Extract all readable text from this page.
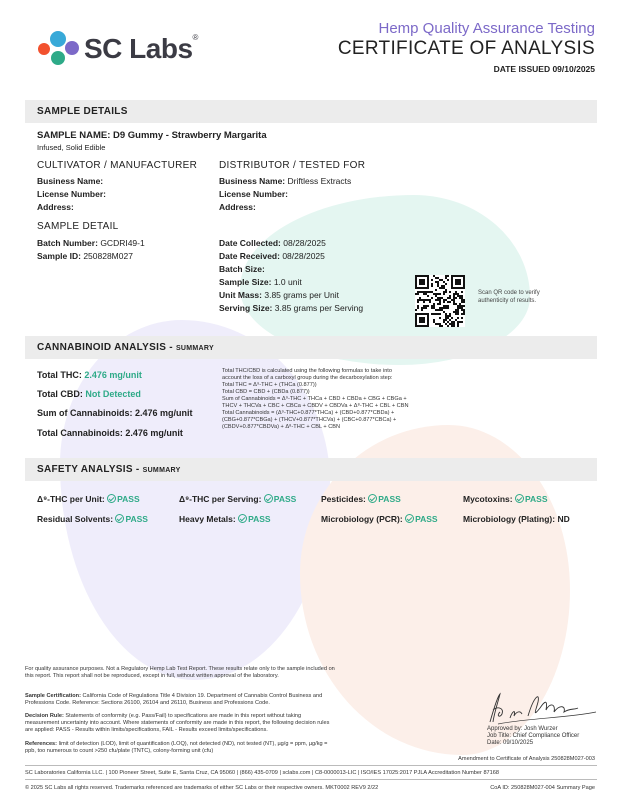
SC Labs®
Hemp Quality Assurance Testing
CERTIFICATE OF ANALYSIS
DATE ISSUED 09/10/2025
SAMPLE DETAILS
SAMPLE NAME: D9 Gummy - Strawberry Margarita
Infused, Solid Edible
CULTIVATOR / MANUFACTURER
Business Name:
License Number:
Address:
DISTRIBUTOR / TESTED FOR
Business Name: Driftless Extracts
License Number:
Address:
SAMPLE DETAIL
Batch Number: GCDRI49-1
Sample ID: 250828M027
Date Collected: 08/28/2025
Date Received: 08/28/2025
Batch Size:
Sample Size: 1.0 unit
Unit Mass: 3.85 grams per Unit
Serving Size: 3.85 grams per Serving
Scan QR code to verify authenticity of results.
CANNABINOID ANALYSIS - SUMMARY
Total THC: 2.476 mg/unit
Total CBD: Not Detected
Sum of Cannabinoids: 2.476 mg/unit
Total Cannabinoids: 2.476 mg/unit
Total THC/CBD is calculated using the following formulas to take into
account the loss of a carboxyl group during the decarboxylation step:
Total THC = Δ⁹-THC + (THCa (0.877))
Total CBD = CBD + (CBDa (0.877))
Sum of Cannabinoids = Δ⁹-THC + THCa + CBD + CBDa + CBG + CBGa +
THCV + THCVa + CBC + CBCa + CBDV + CBDVa + Δ⁸-THC + CBL + CBN
Total Cannabinoids = (Δ⁹-THC+0.877*THCa) + (CBD+0.877*CBDa) +
(CBG+0.877*CBGa) + (THCV+0.877*THCVa) + (CBC+0.877*CBCa) +
(CBDV+0.877*CBDVa) + Δ⁸-THC + CBL + CBN
SAFETY ANALYSIS - SUMMARY
Δ⁹-THC per Unit: PASS	Δ⁹-THC per Serving: PASS	Pesticides: PASS	Mycotoxins: PASS
Residual Solvents: PASS	Heavy Metals: PASS	Microbiology (PCR): PASS	Microbiology (Plating): ND
For quality assurance purposes. Not a Regulatory Hemp Lab Test Report. These results relate only to the sample included on this report. This report shall not be reproduced, except in full, without written approval of the laboratory.
Sample Certification: California Code of Regulations Title 4 Division 19. Department of Cannabis Control Business and Professions Code. Reference: Sections 26100, 26104 and 26110, Business and Professions Code.
Decision Rule: Statements of conformity (e.g. Pass/Fail) to specifications are made in this report without taking measurement uncertainty into account. Where statements of conformity are made in this report, the following decision rules are applied: PASS - Results within limits/specifications, FAIL - Results exceed limits/specifications.
References: limit of detection (LOD), limit of quantification (LOQ), not detected (ND), not tested (NT), µg/g = ppm, µg/kg = ppb, too numerous to count >250 cfu/plate (TNTC), colony-forming unit (cfu)
Approved by: Josh Wurzer
Job Title: Chief Compliance Officer
Date: 09/10/2025
Amendment to Certificate of Analysis 250828M027-003
SC Laboratories California LLC. | 100 Pioneer Street, Suite E, Santa Cruz, CA 95060 | (866) 435-0709 | sclabs.com | C8-0000013-LIC | ISO/IES 17025:2017 PJLA Accreditation Number 87168
© 2025 SC Labs all rights reserved. Trademarks referenced are trademarks of either SC Labs or their respective owners. MKT0002 REV9 2/22	CoA ID: 250828M027-004 Summary Page
